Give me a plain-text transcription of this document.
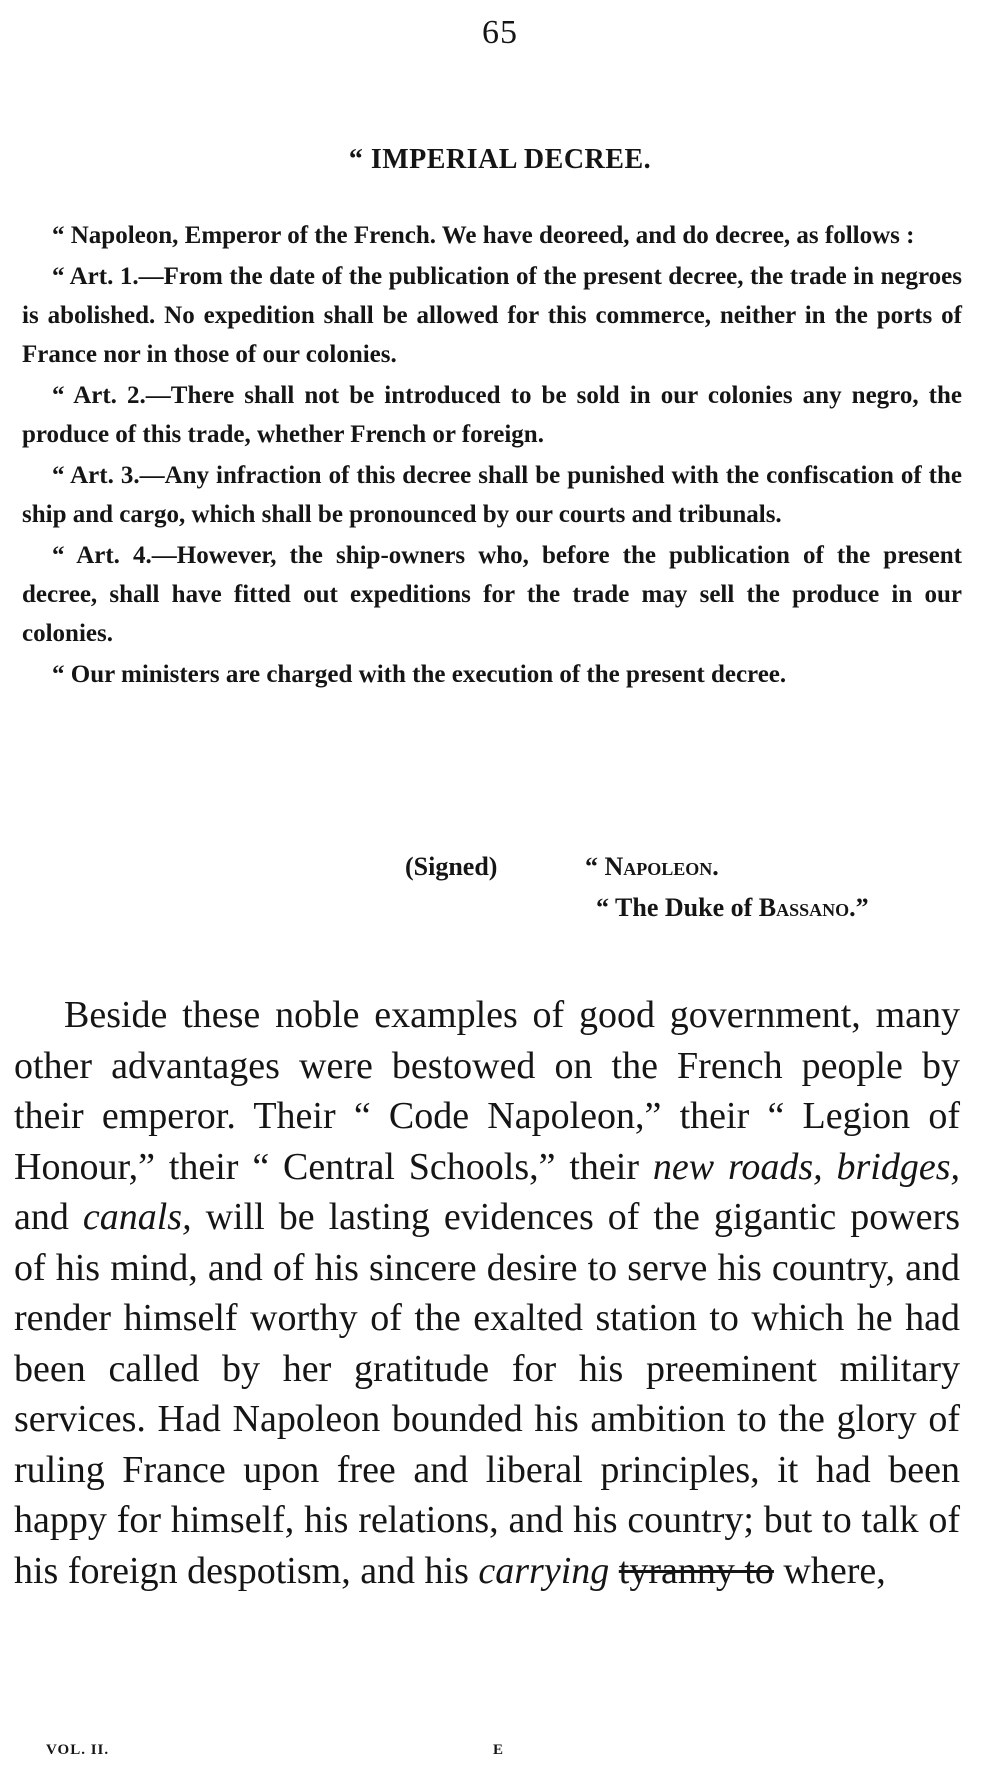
65
“ IMPERIAL DECREE.

“ Napoleon, Emperor of the French. We have deoreed, and do decree, as follows :

“ Art. 1.—From the date of the publication of the present decree, the trade in negroes is abolished. No expedition shall be allowed for this commerce, neither in the ports of France nor in those of our colonies.

“ Art. 2.—There shall not be introduced to be sold in our colonies any negro, the produce of this trade, whether French or foreign.

“ Art. 3.—Any infraction of this decree shall be punished with the confiscation of the ship and cargo, which shall be pronounced by our courts and tribunals.

“ Art. 4.—However, the ship-owners who, before the publication of the present decree, shall have fitted out expeditions for the trade may sell the produce in our colonies.

“ Our ministers are charged with the execution of the present decree.

(Signed)	“ Napoleon.
“ The Duke of Bassano.”

Beside these noble examples of good government, many other advantages were bestowed on the French people by their emperor. Their “ Code Napoleon,” their “ Legion of Honour,” their “ Central Schools,” their new roads, bridges, and canals, will be lasting evidences of the gigantic powers of his mind, and of his sincere desire to serve his country, and render himself worthy of the exalted station to which he had been called by her gratitude for his preeminent military services. Had Napoleon bounded his ambition to the glory of ruling France upon free and liberal principles, it had been happy for himself, his relations, and his country; but to talk of his foreign despotism, and his carrying tyranny to where,

VOL. II.	E
